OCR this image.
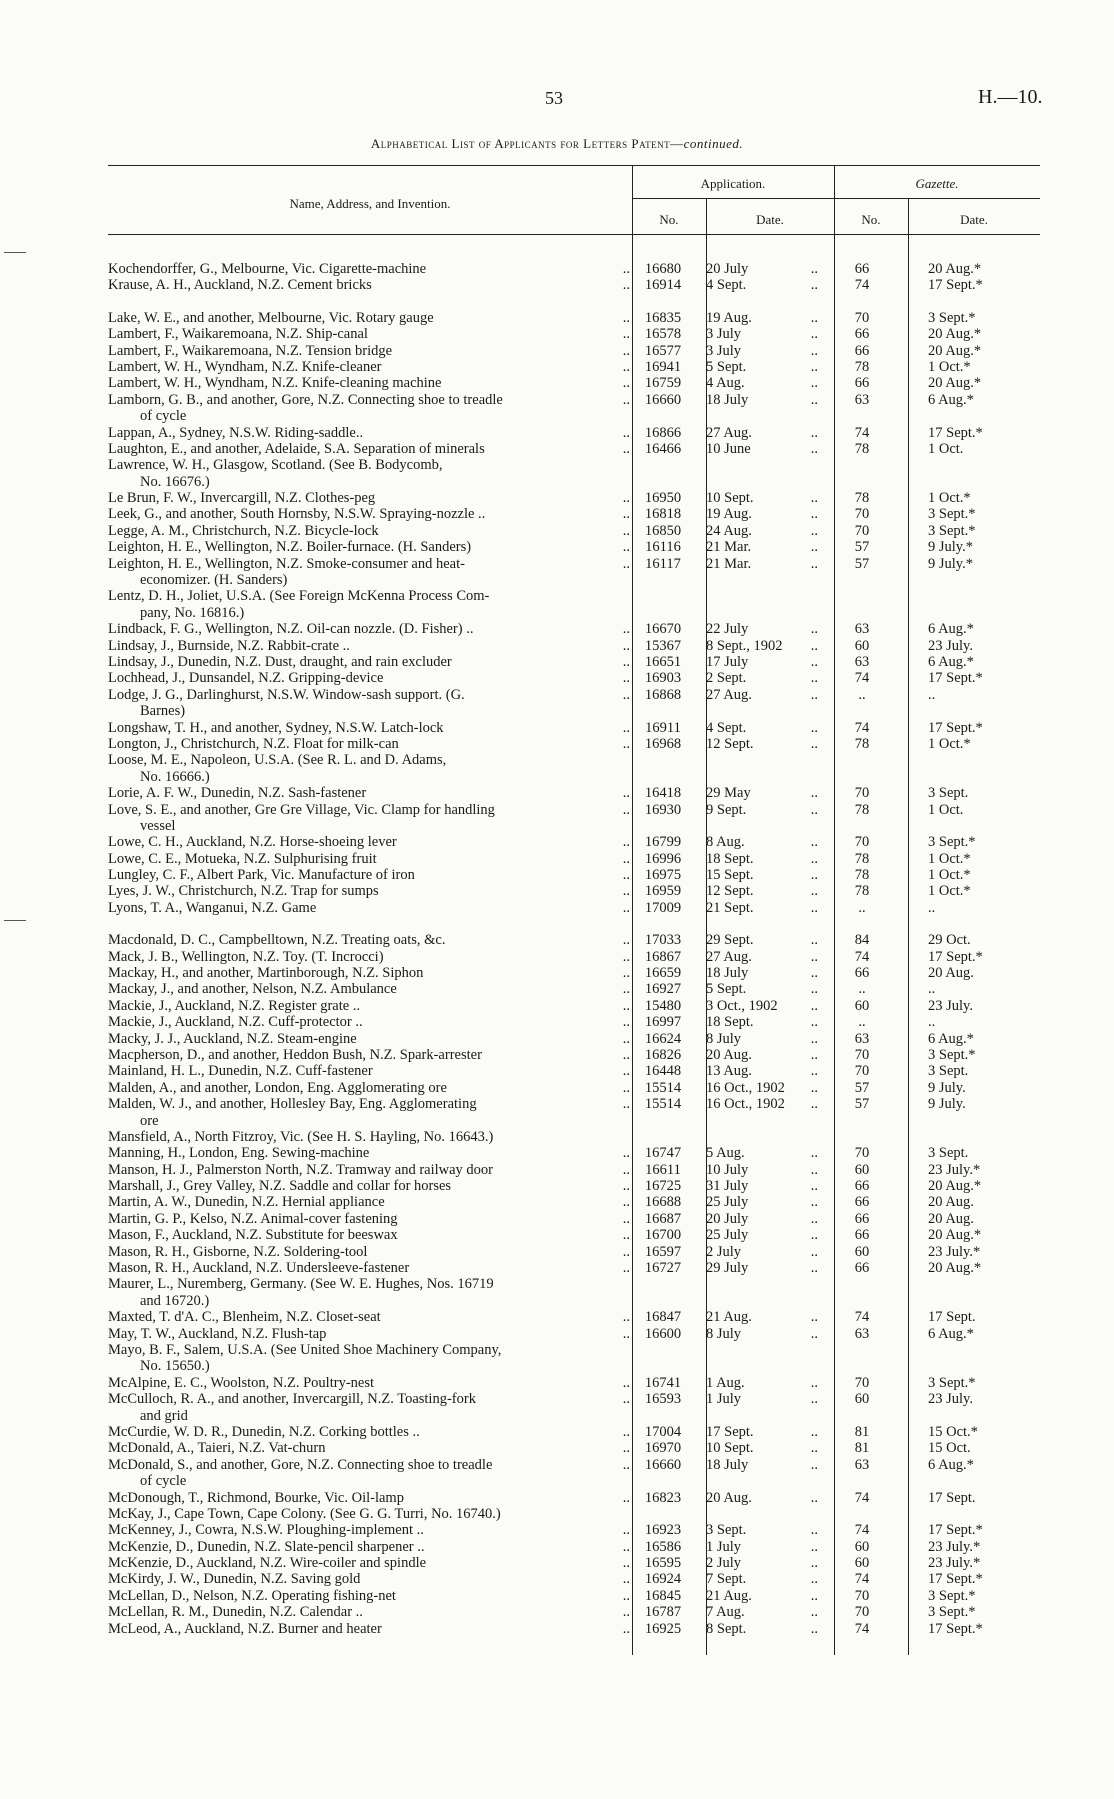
53	H.—10.
Alphabetical List of Applicants for Letters Patent—continued.
Name, Address, and Invention.
Application.	Gazette.
No.	Date.	No.	Date.
Kochendorffer, G., Melbourne, Vic. Cigarette-machine	..	16680	20 July	..	66	20 Aug.*
Krause, A. H., Auckland, N.Z. Cement bricks	..	16914	4 Sept.	..	74	17 Sept.*
Lake, W. E., and another, Melbourne, Vic. Rotary gauge	..	16835	19 Aug.	..	70	3 Sept.*
Lambert, F., Waikaremoana, N.Z. Ship-canal	..	16578	3 July	..	66	20 Aug.*
Lambert, F., Waikaremoana, N.Z. Tension bridge	..	16577	3 July	..	66	20 Aug.*
Lambert, W. H., Wyndham, N.Z. Knife-cleaner	..	16941	5 Sept.	..	78	1 Oct.*
Lambert, W. H., Wyndham, N.Z. Knife-cleaning machine	..	16759	4 Aug.	..	66	20 Aug.*
Lamborn, G. B., and another, Gore, N.Z. Connecting shoe to treadle	..	16660	18 July	..	63	6 Aug.*
of cycle
Lappan, A., Sydney, N.S.W. Riding-saddle..	..	16866	27 Aug.	..	74	17 Sept.*
Laughton, E., and another, Adelaide, S.A. Separation of minerals	..	16466	10 June	..	78	1 Oct.
Lawrence, W. H., Glasgow, Scotland. (See B. Bodycomb,
No. 16676.)
Le Brun, F. W., Invercargill, N.Z. Clothes-peg	..	16950	10 Sept.	..	78	1 Oct.*
Leek, G., and another, South Hornsby, N.S.W. Spraying-nozzle ..	..	16818	19 Aug.	..	70	3 Sept.*
Legge, A. M., Christchurch, N.Z. Bicycle-lock	..	16850	24 Aug.	..	70	3 Sept.*
Leighton, H. E., Wellington, N.Z. Boiler-furnace. (H. Sanders)	..	16116	21 Mar.	..	57	9 July.*
Leighton, H. E., Wellington, N.Z. Smoke-consumer and heat-	..	16117	21 Mar.	..	57	9 July.*
economizer. (H. Sanders)
Lentz, D. H., Joliet, U.S.A. (See Foreign McKenna Process Com-
pany, No. 16816.)
Lindback, F. G., Wellington, N.Z. Oil-can nozzle. (D. Fisher) ..	..	16670	22 July	..	63	6 Aug.*
Lindsay, J., Burnside, N.Z. Rabbit-crate ..	..	15367	8 Sept., 1902	..	60	23 July.
Lindsay, J., Dunedin, N.Z. Dust, draught, and rain excluder	..	16651	17 July	..	63	6 Aug.*
Lochhead, J., Dunsandel, N.Z. Gripping-device	..	16903	2 Sept.	..	74	17 Sept.*
Lodge, J. G., Darlinghurst, N.S.W. Window-sash support. (G.	..	16868	27 Aug.	..	..	..
Barnes)
Longshaw, T. H., and another, Sydney, N.S.W. Latch-lock	..	16911	4 Sept.	..	74	17 Sept.*
Longton, J., Christchurch, N.Z. Float for milk-can	..	16968	12 Sept.	..	78	1 Oct.*
Loose, M. E., Napoleon, U.S.A. (See R. L. and D. Adams,
No. 16666.)
Lorie, A. F. W., Dunedin, N.Z. Sash-fastener	..	16418	29 May	..	70	3 Sept.
Love, S. E., and another, Gre Gre Village, Vic. Clamp for handling	..	16930	9 Sept.	..	78	1 Oct.
vessel
Lowe, C. H., Auckland, N.Z. Horse-shoeing lever	..	16799	8 Aug.	..	70	3 Sept.*
Lowe, C. E., Motueka, N.Z. Sulphurising fruit	..	16996	18 Sept.	..	78	1 Oct.*
Lungley, C. F., Albert Park, Vic. Manufacture of iron	..	16975	15 Sept.	..	78	1 Oct.*
Lyes, J. W., Christchurch, N.Z. Trap for sumps	..	16959	12 Sept.	..	78	1 Oct.*
Lyons, T. A., Wanganui, N.Z. Game	..	17009	21 Sept.	..	..	..
Macdonald, D. C., Campbelltown, N.Z. Treating oats, &c.	..	17033	29 Sept.	..	84	29 Oct.
Mack, J. B., Wellington, N.Z. Toy. (T. Incrocci)	..	16867	27 Aug.	..	74	17 Sept.*
Mackay, H., and another, Martinborough, N.Z. Siphon	..	16659	18 July	..	66	20 Aug.
Mackay, J., and another, Nelson, N.Z. Ambulance	..	16927	5 Sept.	..	..	..
Mackie, J., Auckland, N.Z. Register grate ..	..	15480	3 Oct., 1902	..	60	23 July.
Mackie, J., Auckland, N.Z. Cuff-protector ..	..	16997	18 Sept.	..	..	..
Macky, J. J., Auckland, N.Z. Steam-engine	..	16624	8 July	..	63	6 Aug.*
Macpherson, D., and another, Heddon Bush, N.Z. Spark-arrester	..	16826	20 Aug.	..	70	3 Sept.*
Mainland, H. L., Dunedin, N.Z. Cuff-fastener	..	16448	13 Aug.	..	70	3 Sept.
Malden, A., and another, London, Eng. Agglomerating ore	..	15514	16 Oct., 1902	..	57	9 July.
Malden, W. J., and another, Hollesley Bay, Eng. Agglomerating	..	15514	16 Oct., 1902	..	57	9 July.
ore
Mansfield, A., North Fitzroy, Vic. (See H. S. Hayling, No. 16643.)
Manning, H., London, Eng. Sewing-machine	..	16747	5 Aug.	..	70	3 Sept.
Manson, H. J., Palmerston North, N.Z. Tramway and railway door	..	16611	10 July	..	60	23 July.*
Marshall, J., Grey Valley, N.Z. Saddle and collar for horses	..	16725	31 July	..	66	20 Aug.*
Martin, A. W., Dunedin, N.Z. Hernial appliance	..	16688	25 July	..	66	20 Aug.
Martin, G. P., Kelso, N.Z. Animal-cover fastening	..	16687	20 July	..	66	20 Aug.
Mason, F., Auckland, N.Z. Substitute for beeswax	..	16700	25 July	..	66	20 Aug.*
Mason, R. H., Gisborne, N.Z. Soldering-tool	..	16597	2 July	..	60	23 July.*
Mason, R. H., Auckland, N.Z. Undersleeve-fastener	..	16727	29 July	..	66	20 Aug.*
Maurer, L., Nuremberg, Germany. (See W. E. Hughes, Nos. 16719
and 16720.)
Maxted, T. d'A. C., Blenheim, N.Z. Closet-seat	..	16847	21 Aug.	..	74	17 Sept.
May, T. W., Auckland, N.Z. Flush-tap	..	16600	8 July	..	63	6 Aug.*
Mayo, B. F., Salem, U.S.A. (See United Shoe Machinery Company,
No. 15650.)
McAlpine, E. C., Woolston, N.Z. Poultry-nest	..	16741	1 Aug.	..	70	3 Sept.*
McCulloch, R. A., and another, Invercargill, N.Z. Toasting-fork	..	16593	1 July	..	60	23 July.
and grid
McCurdie, W. D. R., Dunedin, N.Z. Corking bottles ..	..	17004	17 Sept.	..	81	15 Oct.*
McDonald, A., Taieri, N.Z. Vat-churn	..	16970	10 Sept.	..	81	15 Oct.
McDonald, S., and another, Gore, N.Z. Connecting shoe to treadle	..	16660	18 July	..	63	6 Aug.*
of cycle
McDonough, T., Richmond, Bourke, Vic. Oil-lamp	..	16823	20 Aug.	..	74	17 Sept.
McKay, J., Cape Town, Cape Colony. (See G. G. Turri, No. 16740.)
McKenney, J., Cowra, N.S.W. Ploughing-implement ..	..	16923	3 Sept.	..	74	17 Sept.*
McKenzie, D., Dunedin, N.Z. Slate-pencil sharpener ..	..	16586	1 July	..	60	23 July.*
McKenzie, D., Auckland, N.Z. Wire-coiler and spindle	..	16595	2 July	..	60	23 July.*
McKirdy, J. W., Dunedin, N.Z. Saving gold	..	16924	7 Sept.	..	74	17 Sept.*
McLellan, D., Nelson, N.Z. Operating fishing-net	..	16845	21 Aug.	..	70	3 Sept.*
McLellan, R. M., Dunedin, N.Z. Calendar ..	..	16787	7 Aug.	..	70	3 Sept.*
McLeod, A., Auckland, N.Z. Burner and heater	..	16925	8 Sept.	..	74	17 Sept.*
